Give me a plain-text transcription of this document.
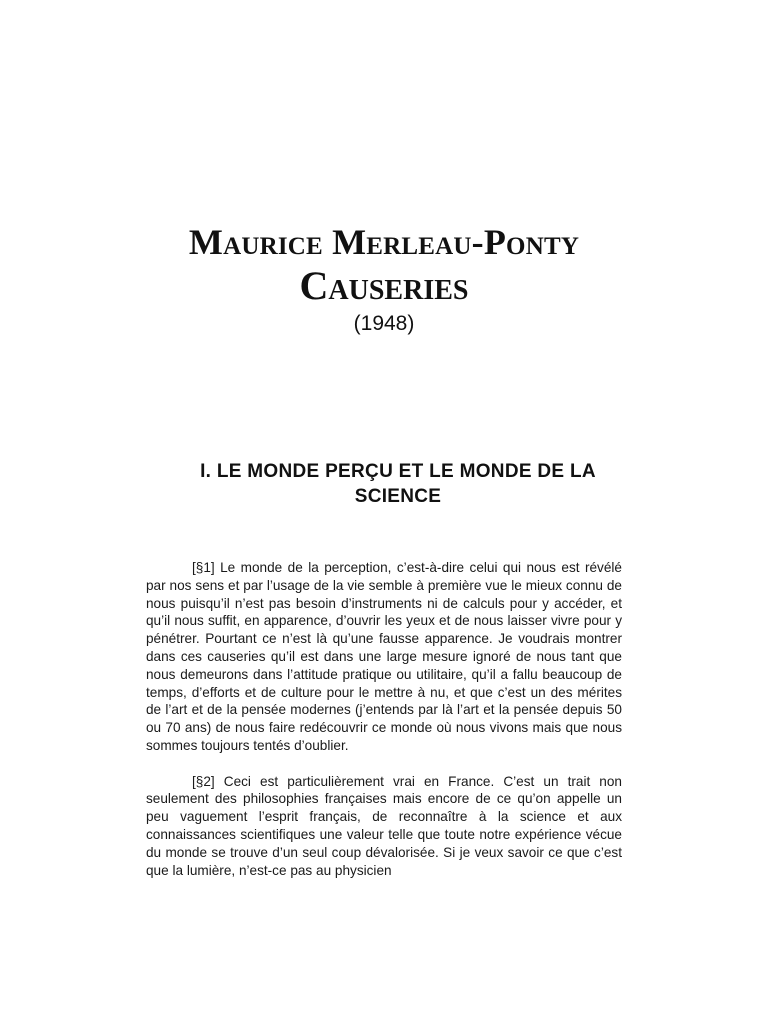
Maurice Merleau-Ponty
Causeries
(1948)
I. LE MONDE PERÇU ET LE MONDE DE LA SCIENCE

[§1] Le monde de la perception, c’est-à-dire celui qui nous est révélé par nos sens et par l’usage de la vie semble à première vue le mieux connu de nous puisqu’il n’est pas besoin d’instruments ni de calculs pour y accéder, et qu’il nous suffit, en apparence, d’ouvrir les yeux et de nous laisser vivre pour y pénétrer. Pourtant ce n’est là qu’une fausse apparence. Je voudrais montrer dans ces causeries qu’il est dans une large mesure ignoré de nous tant que nous demeurons dans l’attitude pratique ou utilitaire, qu’il a fallu beaucoup de temps, d’efforts et de culture pour le mettre à nu, et que c’est un des mérites de l’art et de la pensée modernes (j’entends par là l’art et la pensée depuis 50 ou 70 ans) de nous faire redécouvrir ce monde où nous vivons mais que nous sommes toujours tentés d’oublier.

[§2] Ceci est particulièrement vrai en France. C’est un trait non seulement des philosophies françaises mais encore de ce qu’on appelle un peu vaguement l’esprit français, de reconnaître à la science et aux connaissances scientifiques une valeur telle que toute notre expérience vécue du monde se trouve d’un seul coup dévalorisée. Si je veux savoir ce que c’est que la lumière, n’est-ce pas au physicien
